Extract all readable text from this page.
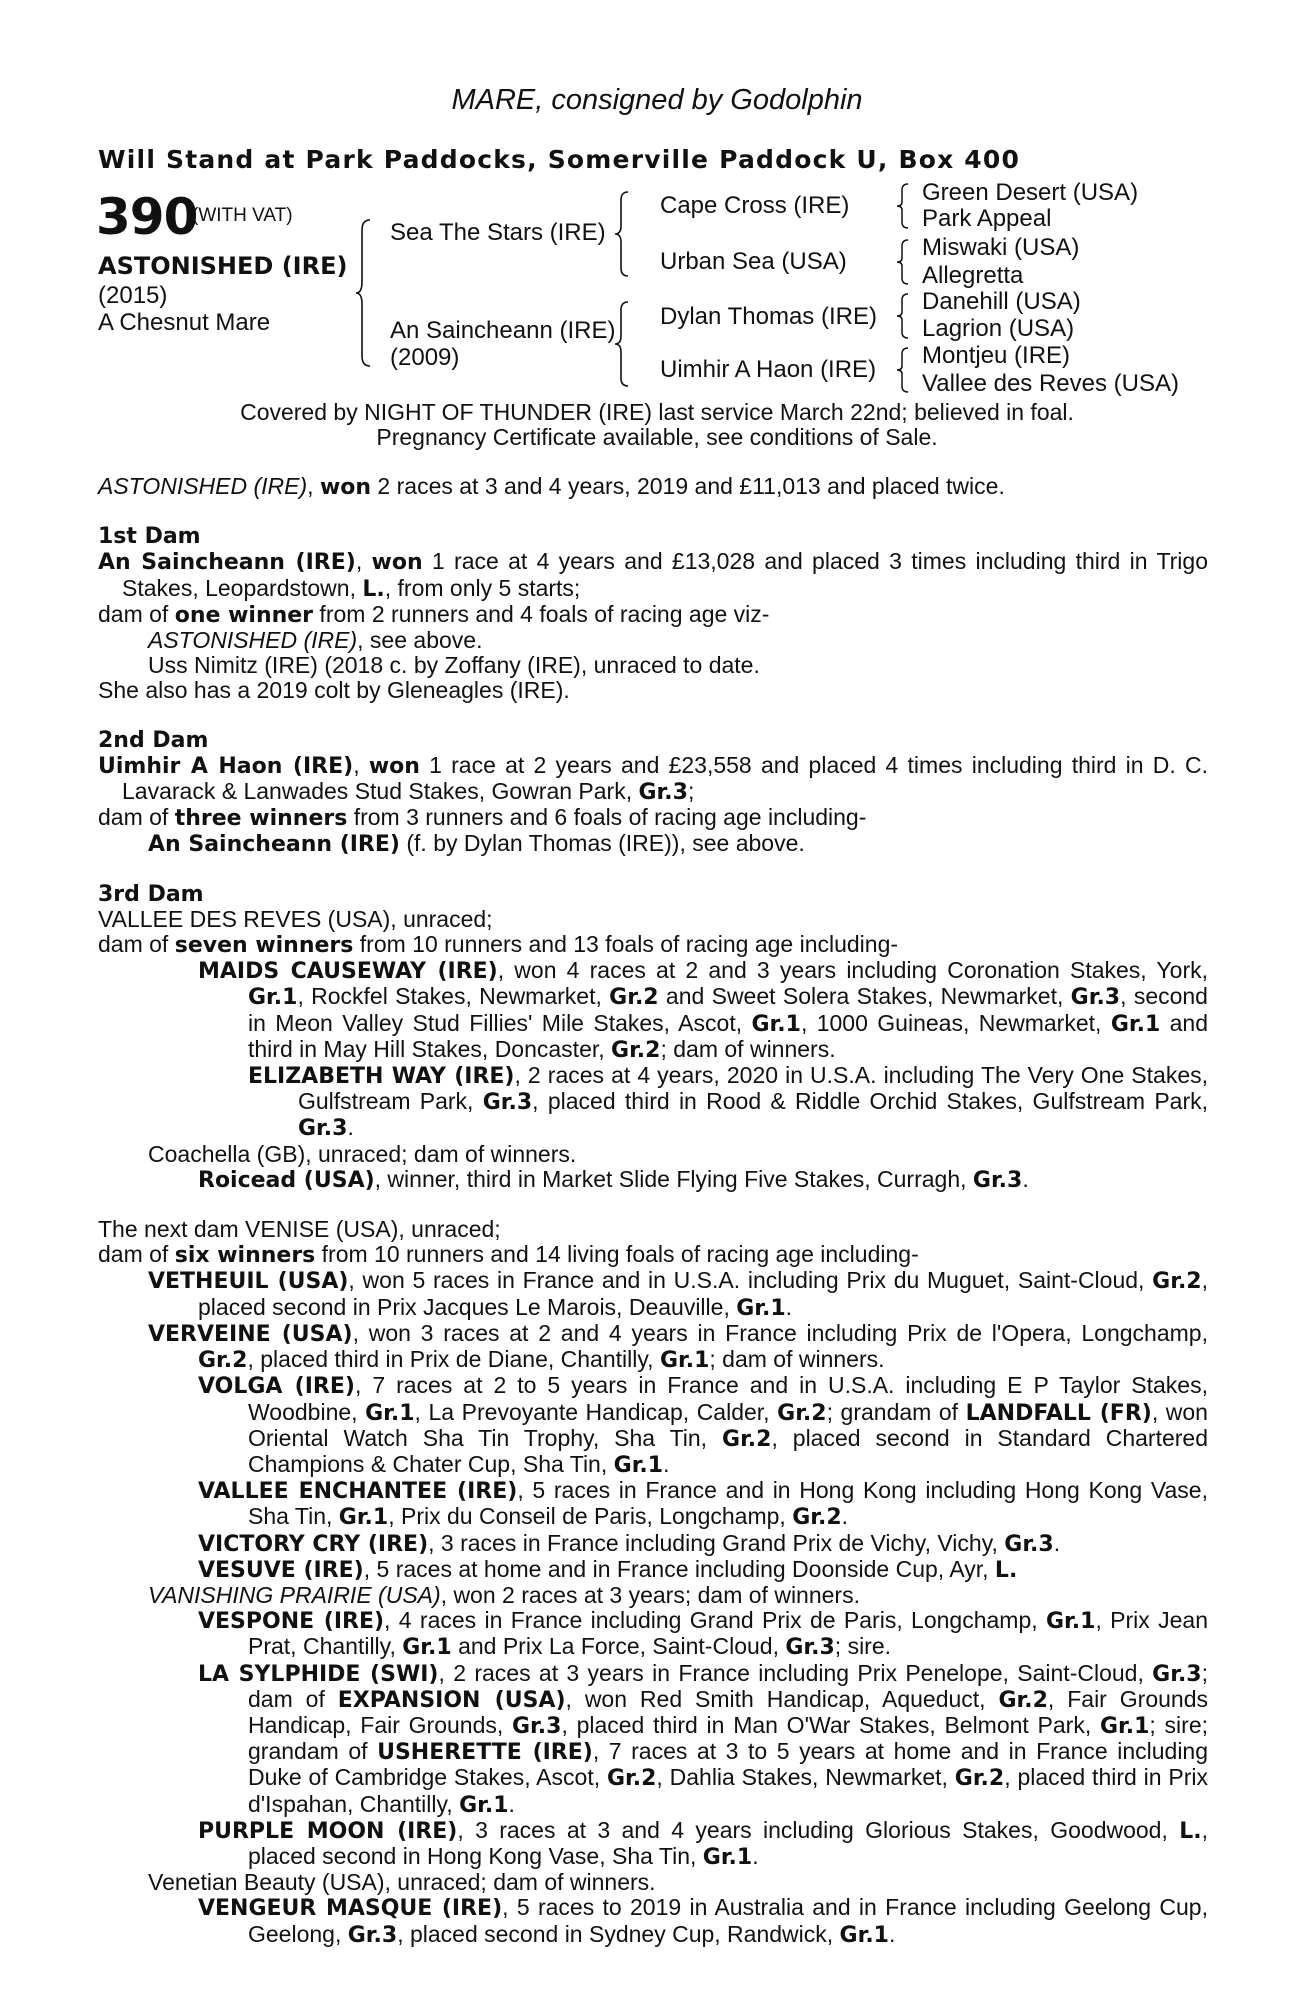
MARE, consigned by Godolphin
Will Stand at Park Paddocks, Somerville Paddock U, Box 400
390
(WITH VAT)
ASTONISHED (IRE)
(2015)
A Chesnut Mare
Sea The Stars (IRE)
An Saincheann (IRE)
(2009)
Cape Cross (IRE)
Urban Sea (USA)
Dylan Thomas (IRE)
Uimhir A Haon (IRE)
Green Desert (USA)
Park Appeal
Miswaki (USA)
Allegretta
Danehill (USA)
Lagrion (USA)
Montjeu (IRE)
Vallee des Reves (USA)
Covered by NIGHT OF THUNDER (IRE) last service March 22nd; believed in foal.
Pregnancy Certificate available, see conditions of Sale.

ASTONISHED (IRE), won 2 races at 3 and 4 years, 2019 and £11,013 and placed twice.

1st Dam

An Saincheann (IRE), won 1 race at 4 years and £13,028 and placed 3 times including third in Trigo Stakes, Leopardstown, L., from only 5 starts;

dam of one winner from 2 runners and 4 foals of racing age viz-

ASTONISHED (IRE), see above.

Uss Nimitz (IRE) (2018 c. by Zoffany (IRE), unraced to date.

She also has a 2019 colt by Gleneagles (IRE).

2nd Dam

Uimhir A Haon (IRE), won 1 race at 2 years and £23,558 and placed 4 times including third in D. C. Lavarack & Lanwades Stud Stakes, Gowran Park, Gr.3;

dam of three winners from 3 runners and 6 foals of racing age including-

An Saincheann (IRE) (f. by Dylan Thomas (IRE)), see above.

3rd Dam

VALLEE DES REVES (USA), unraced;

dam of seven winners from 10 runners and 13 foals of racing age including-

MAIDS CAUSEWAY (IRE), won 4 races at 2 and 3 years including Coronation Stakes, York, Gr.1, Rockfel Stakes, Newmarket, Gr.2 and Sweet Solera Stakes, Newmarket, Gr.3, second in Meon Valley Stud Fillies' Mile Stakes, Ascot, Gr.1, 1000 Guineas, Newmarket, Gr.1 and third in May Hill Stakes, Doncaster, Gr.2; dam of winners.

ELIZABETH WAY (IRE), 2 races at 4 years, 2020 in U.S.A. including The Very One Stakes, Gulfstream Park, Gr.3, placed third in Rood & Riddle Orchid Stakes, Gulfstream Park, Gr.3.

Coachella (GB), unraced; dam of winners.

Roicead (USA), winner, third in Market Slide Flying Five Stakes, Curragh, Gr.3.

The next dam VENISE (USA), unraced;

dam of six winners from 10 runners and 14 living foals of racing age including-

VETHEUIL (USA), won 5 races in France and in U.S.A. including Prix du Muguet, Saint-Cloud, Gr.2, placed second in Prix Jacques Le Marois, Deauville, Gr.1.

VERVEINE (USA), won 3 races at 2 and 4 years in France including Prix de l'Opera, Longchamp, Gr.2, placed third in Prix de Diane, Chantilly, Gr.1; dam of winners.

VOLGA (IRE), 7 races at 2 to 5 years in France and in U.S.A. including E P Taylor Stakes, Woodbine, Gr.1, La Prevoyante Handicap, Calder, Gr.2; grandam of LANDFALL (FR), won Oriental Watch Sha Tin Trophy, Sha Tin, Gr.2, placed second in Standard Chartered Champions & Chater Cup, Sha Tin, Gr.1.

VALLEE ENCHANTEE (IRE), 5 races in France and in Hong Kong including Hong Kong Vase, Sha Tin, Gr.1, Prix du Conseil de Paris, Longchamp, Gr.2.

VICTORY CRY (IRE), 3 races in France including Grand Prix de Vichy, Vichy, Gr.3.

VESUVE (IRE), 5 races at home and in France including Doonside Cup, Ayr, L.

VANISHING PRAIRIE (USA), won 2 races at 3 years; dam of winners.

VESPONE (IRE), 4 races in France including Grand Prix de Paris, Longchamp, Gr.1, Prix Jean Prat, Chantilly, Gr.1 and Prix La Force, Saint-Cloud, Gr.3; sire.

LA SYLPHIDE (SWI), 2 races at 3 years in France including Prix Penelope, Saint-Cloud, Gr.3; dam of EXPANSION (USA), won Red Smith Handicap, Aqueduct, Gr.2, Fair Grounds Handicap, Fair Grounds, Gr.3, placed third in Man O'War Stakes, Belmont Park, Gr.1; sire; grandam of USHERETTE (IRE), 7 races at 3 to 5 years at home and in France including Duke of Cambridge Stakes, Ascot, Gr.2, Dahlia Stakes, Newmarket, Gr.2, placed third in Prix d'Ispahan, Chantilly, Gr.1.

PURPLE MOON (IRE), 3 races at 3 and 4 years including Glorious Stakes, Goodwood, L., placed second in Hong Kong Vase, Sha Tin, Gr.1.

Venetian Beauty (USA), unraced; dam of winners.

VENGEUR MASQUE (IRE), 5 races to 2019 in Australia and in France including Geelong Cup, Geelong, Gr.3, placed second in Sydney Cup, Randwick, Gr.1.
